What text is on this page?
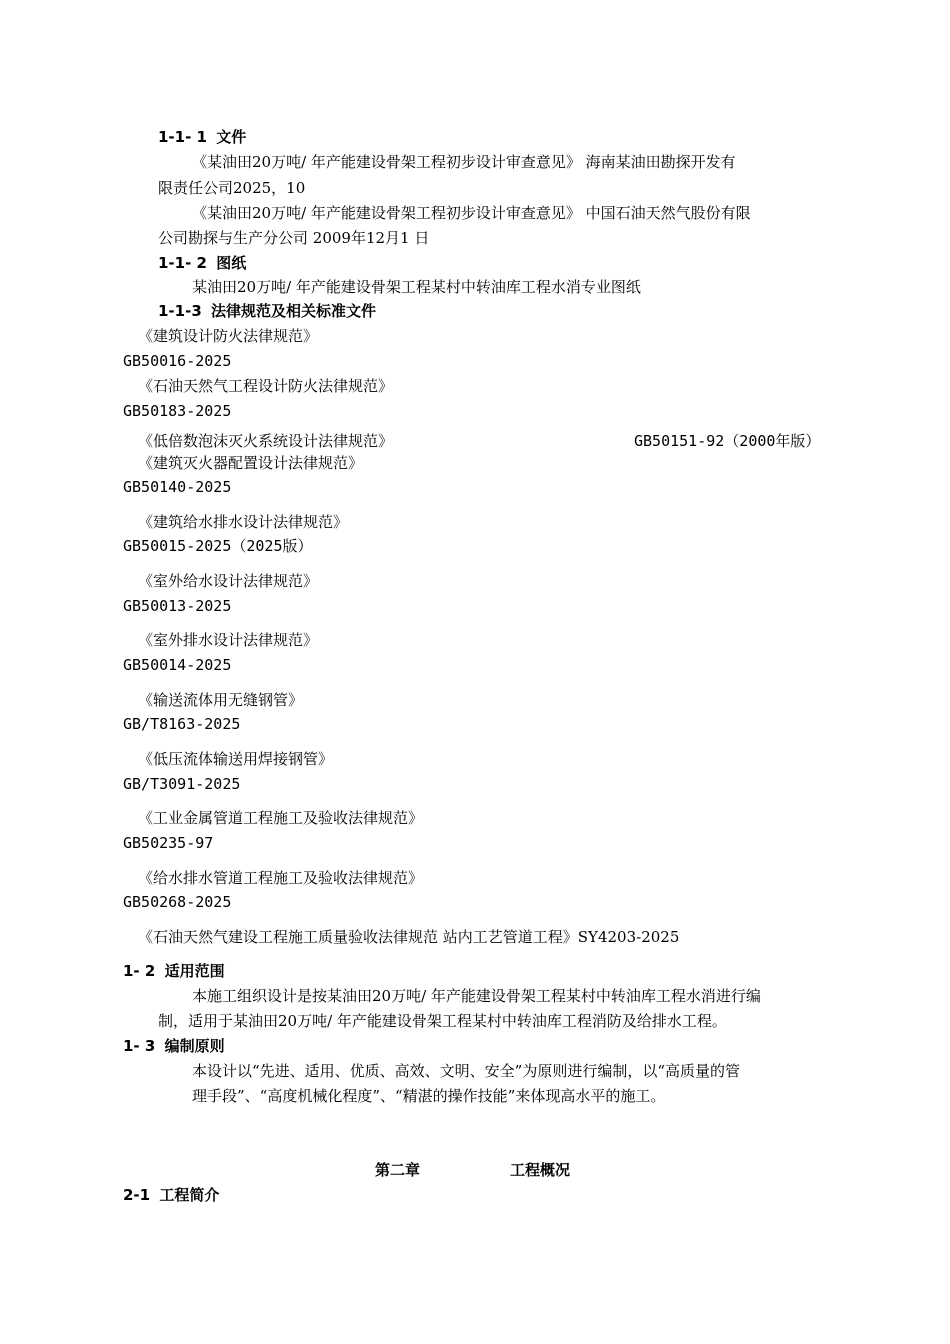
1-1- 1 文件
《某油田20万吨/ 年产能建设骨架工程初步设计审查意见》 海南某油田勘探开发有
限责任公司2025，10
《某油田20万吨/ 年产能建设骨架工程初步设计审查意见》 中国石油天然气股份有限
公司勘探与生产分公司 2009年12月1 日
1-1- 2 图纸
某油田20万吨/ 年产能建设骨架工程某村中转油库工程水消专业图纸
1-1-3 法律规范及相关标准文件
《建筑设计防火法律规范》
GB50016-2025
《石油天然气工程设计防火法律规范》
GB50183-2025
《低倍数泡沫灭火系统设计法律规范》	GB50151-92（2000年版）
《建筑灭火器配置设计法律规范》
GB50140-2025
《建筑给水排水设计法律规范》
GB50015-2025（2025版）
《室外给水设计法律规范》
GB50013-2025
《室外排水设计法律规范》
GB50014-2025
《输送流体用无缝钢管》
GB/T8163-2025
《低压流体输送用焊接钢管》
GB/T3091-2025
《工业金属管道工程施工及验收法律规范》
GB50235-97
《给水排水管道工程施工及验收法律规范》
GB50268-2025
《石油天然气建设工程施工质量验收法律规范 站内工艺管道工程》SY4203-2025
1- 2 适用范围
本施工组织设计是按某油田20万吨/ 年产能建设骨架工程某村中转油库工程水消进行编
制，适用于某油田20万吨/ 年产能建设骨架工程某村中转油库工程消防及给排水工程。
1- 3 编制原则
本设计以“先进、适用、优质、高效、文明、安全”为原则进行编制，以“高质量的管
理手段”、“高度机械化程度”、“精湛的操作技能”来体现高水平的施工。
第二章	工程概况
2-1 工程简介
